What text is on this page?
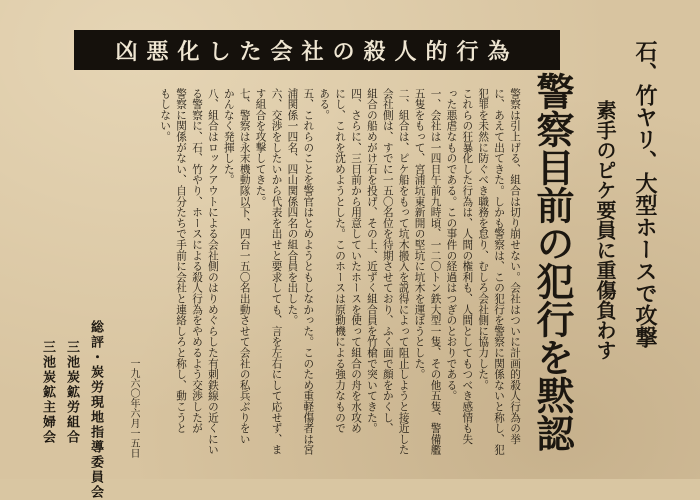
凶悪化した会社の殺人的行為	石、竹ヤリ、大型ホースで攻撃
素手のピケ要員に重傷負わす
警察目前の犯行を黙認
警察は引上げる、組合は切り崩せない。会社はついに計画的殺人行為の挙
に、あえて出てきた。しかも警察は、この犯行を警察に関係ないと称し、犯
犯罪を未然に防ぐべき職務を怠り、むしろ会社側に協力した。
これらの狂暴化した行為は、人間の権利も、人間としてもつべき感情も失
った悪虐なものである。この事件の経過はつぎのとおりである。
一、会社は一四日午前九時頃、一二〇トン鉄大型一隻、その他五隻、警備艦
五隻をもって、宮浦坑東新開の堅坑に坑木を運ぼうとした。
二、組合は、ピケ船をもって坑木搬入を説得によって阻止しようと接近した
会社側は、すでに一五〇名位を待期させており、ふく面で顔をかくし、
組合の船めがけ石を投げ、その上、近ずく組合員を竹槍で突いてきた。
四、さらに、三日前から用意していたホースを使って組合の舟を水攻め
にし、これを沈めようとした。このホースは原動機による強力なもので
ある。
五、これらのことを警官はとめようともしなかった。このため重軽傷者は宮
浦関係一四名、四山関係四名の組合員を出した。
六、交渉をしたいから代表を出せと要求しても、言を左右にして応せず、ま
す組合を攻撃してきた。
七、警察は永末機動隊以下、四台一五〇名出動させて会社の私兵ぶりをい
かんなく発揮した。
八、組合はロックアウトによる会社側のはりめぐらした有刺鉄線の近くにい
る警察に、石、竹やり、ホースによる殺人行為をやめるよう交渉したが
警察に関係がない、自分たちで手前に会社と連絡しろと称し、動こうと
もしない。
一九六〇年六月一五日
総評・炭労現地指導委員会
三池炭鉱労組合
三池炭鉱主婦会
